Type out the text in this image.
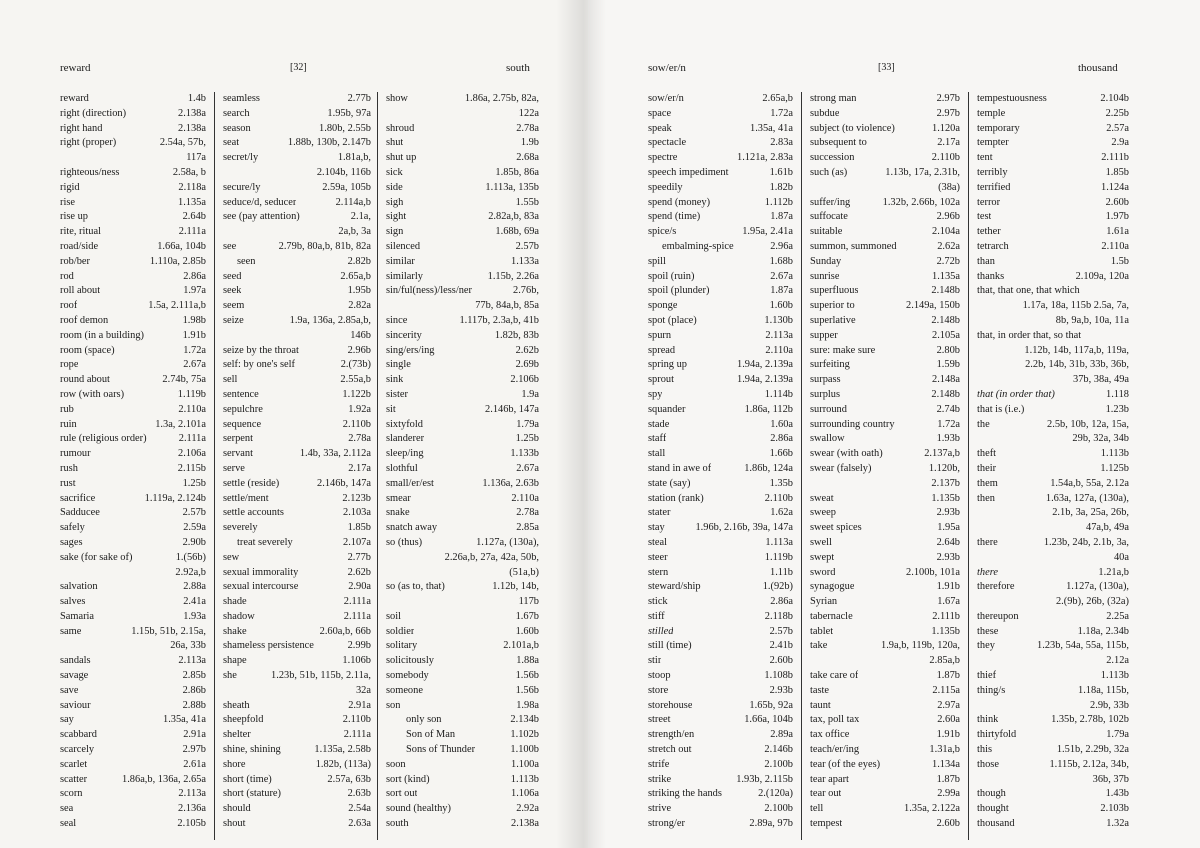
reward	[32]	south
reward	1.4b
right (direction)	2.138a
right hand	2.138a
right (proper)	2.54a, 57b,
117a
righteous/ness	2.58a, b
rigid	2.118a
rise	1.135a
rise up	2.64b
rite, ritual	2.111a
road/side	1.66a, 104b
rob/ber	1.110a, 2.85b
rod	2.86a
roll about	1.97a
roof	1.5a, 2.111a,b
roof demon	1.98b
room (in a building)	1.91b
room (space)	1.72a
rope	2.67a
round about	2.74b, 75a
row (with oars)	1.119b
rub	2.110a
ruin	1.3a, 2.101a
rule (religious order)	2.111a
rumour	2.106a
rush	2.115b
rust	1.25b
sacrifice	1.119a, 2.124b
Sadducee	2.57b
safely	2.59a
sages	2.90b
sake (for sake of)	1.(56b)
2.92a,b
salvation	2.88a
salves	2.41a
Samaria	1.93a
same	1.15b, 51b, 2.15a,
26a, 33b
sandals	2.113a
savage	2.85b
save	2.86b
saviour	2.88b
say	1.35a, 41a
scabbard	2.91a
scarcely	2.97b
scarlet	2.61a
scatter	1.86a,b, 136a, 2.65a
scorn	2.113a
sea	2.136a
seal	2.105b
seamless	2.77b
search	1.95b, 97a
season	1.80b, 2.55b
seat	1.88b, 130b, 2.147b
secret/ly	1.81a,b,
2.104b, 116b
secure/ly	2.59a, 105b
seduce/d, seducer	2.114a,b
see (pay attention)	2.1a,
2a,b, 3a
see	2.79b, 80a,b, 81b, 82a
seen	2.82b
seed	2.65a,b
seek	1.95b
seem	2.82a
seize	1.9a, 136a, 2.85a,b,
146b
seize by the throat	2.96b
self: by one's self	2.(73b)
sell	2.55a,b
sentence	1.122b
sepulchre	1.92a
sequence	2.110b
serpent	2.78a
servant	1.4b, 33a, 2.112a
serve	2.17a
settle (reside)	2.146b, 147a
settle/ment	2.123b
settle accounts	2.103a
severely	1.85b
treat severely	2.107a
sew	2.77b
sexual immorality	2.62b
sexual intercourse	2.90a
shade	2.111a
shadow	2.111a
shake	2.60a,b, 66b
shameless persistence	2.99b
shape	1.106b
she	1.23b, 51b, 115b, 2.11a,
32a
sheath	2.91a
sheepfold	2.110b
shelter	2.111a
shine, shining	1.135a, 2.58b
shore	1.82b, (113a)
short (time)	2.57a, 63b
short (stature)	2.63b
should	2.54a
shout	2.63a
show	1.86a, 2.75b, 82a,
122a
shroud	2.78a
shut	1.9b
shut up	2.68a
sick	1.85b, 86a
side	1.113a, 135b
sigh	1.55b
sight	2.82a,b, 83a
sign	1.68b, 69a
silenced	2.57b
similar	1.133a
similarly	1.15b, 2.26a
sin/ful(ness)/less/ner	2.76b,
77b, 84a,b, 85a
since	1.117b, 2.3a,b, 41b
sincerity	1.82b, 83b
sing/ers/ing	2.62b
single	2.69b
sink	2.106b
sister	1.9a
sit	2.146b, 147a
sixtyfold	1.79a
slanderer	1.25b
sleep/ing	1.133b
slothful	2.67a
small/er/est	1.136a, 2.63b
smear	2.110a
snake	2.78a
snatch away	2.85a
so (thus)	1.127a, (130a),
2.26a,b, 27a, 42a, 50b,
(51a,b)
so (as to, that)	1.12b, 14b,
117b
soil	1.67b
soldier	1.60b
solitary	2.101a,b
solicitously	1.88a
somebody	1.56b
someone	1.56b
son	1.98a
only son	2.134b
Son of Man	1.102b
Sons of Thunder	1.100b
soon	1.100a
sort (kind)	1.113b
sort out	1.106a
sound (healthy)	2.92a
south	2.138a
sow/er/n	[33]	thousand
sow/er/n	2.65a,b
space	1.72a
speak	1.35a, 41a
spectacle	2.83a
spectre	1.121a, 2.83a
speech impediment	1.61b
speedily	1.82b
spend (money)	1.112b
spend (time)	1.87a
spice/s	1.95a, 2.41a
embalming-spice	2.96a
spill	1.68b
spoil (ruin)	2.67a
spoil (plunder)	1.87a
sponge	1.60b
spot (place)	1.130b
spurn	2.113a
spread	2.110a
spring up	1.94a, 2.139a
sprout	1.94a, 2.139a
spy	1.114b
squander	1.86a, 112b
stade	1.60a
staff	2.86a
stall	1.66b
stand in awe of	1.86b, 124a
state (say)	1.35b
station (rank)	2.110b
stater	1.62a
stay	1.96b, 2.16b, 39a, 147a
steal	1.113a
steer	1.119b
stern	1.11b
steward/ship	1.(92b)
stick	2.86a
stiff	2.118b
stilled	2.57b
still (time)	2.41b
stir	2.60b
stoop	1.108b
store	2.93b
storehouse	1.65b, 92a
street	1.66a, 104b
strength/en	2.89a
stretch out	2.146b
strife	2.100b
strike	1.93b, 2.115b
striking the hands	2.(120a)
strive	2.100b
strong/er	2.89a, 97b
strong man	2.97b
subdue	2.97b
subject (to violence)	1.120a
subsequent to	2.17a
succession	2.110b
such (as)	1.13b, 17a, 2.31b,
(38a)
suffer/ing	1.32b, 2.66b, 102a
suffocate	2.96b
suitable	2.104a
summon, summoned	2.62a
Sunday	2.72b
sunrise	1.135a
superfluous	2.148b
superior to	2.149a, 150b
superlative	2.148b
supper	2.105a
sure: make sure	2.80b
surfeiting	1.59b
surpass	2.148a
surplus	2.148b
surround	2.74b
surrounding country	1.72a
swallow	1.93b
swear (with oath)	2.137a,b
swear (falsely)	1.120b,
2.137b
sweat	1.135b
sweep	2.93b
sweet spices	1.95a
swell	2.64b
swept	2.93b
sword	2.100b, 101a
synagogue	1.91b
Syrian	1.67a
tabernacle	2.111b
tablet	1.135b
take	1.9a,b, 119b, 120a,
2.85a,b
take care of	1.87b
taste	2.115a
taunt	2.97a
tax, poll tax	2.60a
tax office	1.91b
teach/er/ing	1.31a,b
tear (of the eyes)	1.134a
tear apart	1.87b
tear out	2.99a
tell	1.35a, 2.122a
tempest	2.60b
tempestuousness	2.104b
temple	2.25b
temporary	2.57a
tempter	2.9a
tent	2.111b
terribly	1.85b
terrified	1.124a
terror	2.60b
test	1.97b
tether	1.61a
tetrarch	2.110a
than	1.5b
thanks	2.109a, 120a
that, that one, that which
1.17a, 18a, 115b 2.5a, 7a,
8b, 9a,b, 10a, 11a
that, in order that, so that
1.12b, 14b, 117a,b, 119a,
2.2b, 14b, 31b, 33b, 36b,
37b, 38a, 49a
that (in order that)	1.118
that is (i.e.)	1.23b
the	2.5b, 10b, 12a, 15a,
29b, 32a, 34b
theft	1.113b
their	1.125b
them	1.54a,b, 55a, 2.12a
then	1.63a, 127a, (130a),
2.1b, 3a, 25a, 26b,
47a,b, 49a
there	1.23b, 24b, 2.1b, 3a,
40a
there	1.21a,b
therefore	1.127a, (130a),
2.(9b), 26b, (32a)
thereupon	2.25a
these	1.18a, 2.34b
they	1.23b, 54a, 55a, 115b,
2.12a
thief	1.113b
thing/s	1.18a, 115b,
2.9b, 33b
think	1.35b, 2.78b, 102b
thirtyfold	1.79a
this	1.51b, 2.29b, 32a
those	1.115b, 2.12a, 34b,
36b, 37b
though	1.43b
thought	2.103b
thousand	1.32a
